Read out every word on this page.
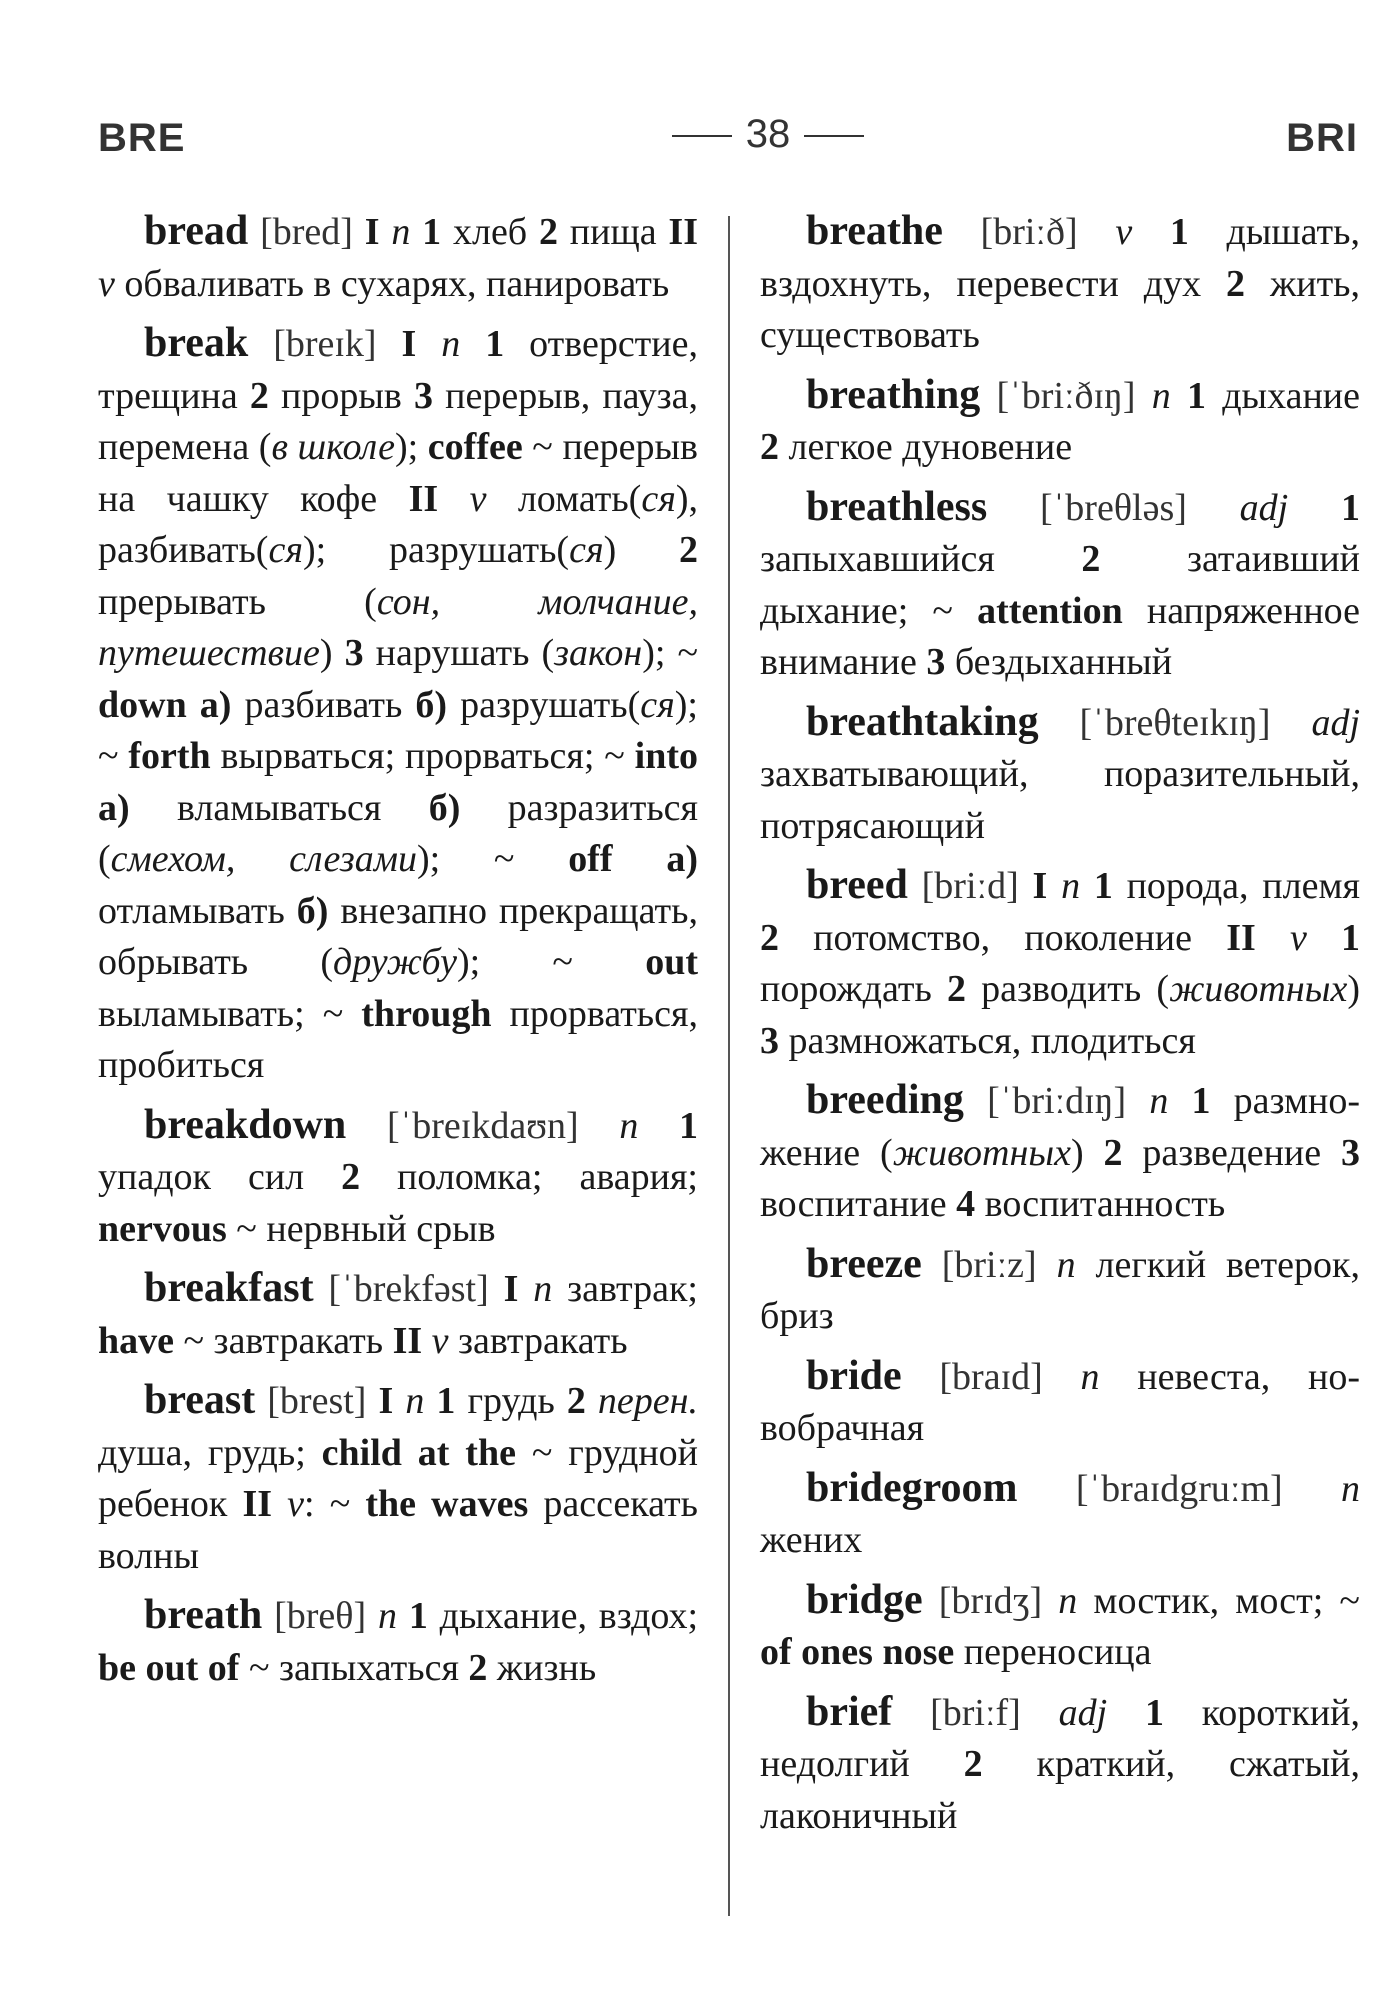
BRE	38	BRI

bread [bred] I n 1 хлеб 2 пища II v обваливать в сухарях, панировать

break [breɪk] I n 1 отверстие, трещина 2 прорыв 3 перерыв, пауза, перемена (в школе); coffee ~ перерыв на чашку кофе II v ломать(ся), разбивать(ся); разрушать(ся) 2 прерывать (сон, молчание, путешествие) 3 нарушать (закон); ~ down a) разбивать б) разрушать(ся); ~ forth вырваться; прорваться; ~ into a) вламываться б) разразиться (смехом, слезами); ~ off a) отламывать б) внезапно прекращать, обрывать (дружбу); ~ out выламывать; ~ through прорваться, пробиться

breakdown [ˈbreɪkdaʊn] n 1 упадок сил 2 поломка; авария; nervous ~ нервный срыв

breakfast [ˈbrekfəst] I n завтрак; have ~ завтракать II v завтракать

breast [brest] I n 1 грудь 2 перен. душа, грудь; child at the ~ грудной ребенок II v: ~ the waves рассекать волны

breath [breθ] n 1 дыхание, вздох; be out of ~ запыхаться 2 жизнь

breathe [briːð] v 1 дышать, вздохнуть, перевести дух 2 жить, существовать

breathing [ˈbriːðɪŋ] n 1 дыхание 2 легкое дуновение

breathless [ˈbreθləs] adj 1 запыхавшийся 2 затаивший дыхание; ~ attention напряженное внимание 3 бездыханный

breathtaking [ˈbreθteɪkɪŋ] adj захватывающий, поразительный, потрясающий

breed [briːd] I n 1 порода, племя 2 потомство, поколение II v 1 порождать 2 разводить (животных) 3 размножаться, плодиться

breeding [ˈbriːdɪŋ] n 1 размножение (животных) 2 разведение 3 воспитание 4 воспитанность

breeze [briːz] n легкий ветерок, бриз

bride [braɪd] n невеста, новобрачная

bridegroom [ˈbraɪdgruːm] n жених

bridge [brɪdʒ] n мостик, мост; ~ of ones nose переносица

brief [briːf] adj 1 короткий, недолгий 2 краткий, сжатый, лаконичный
